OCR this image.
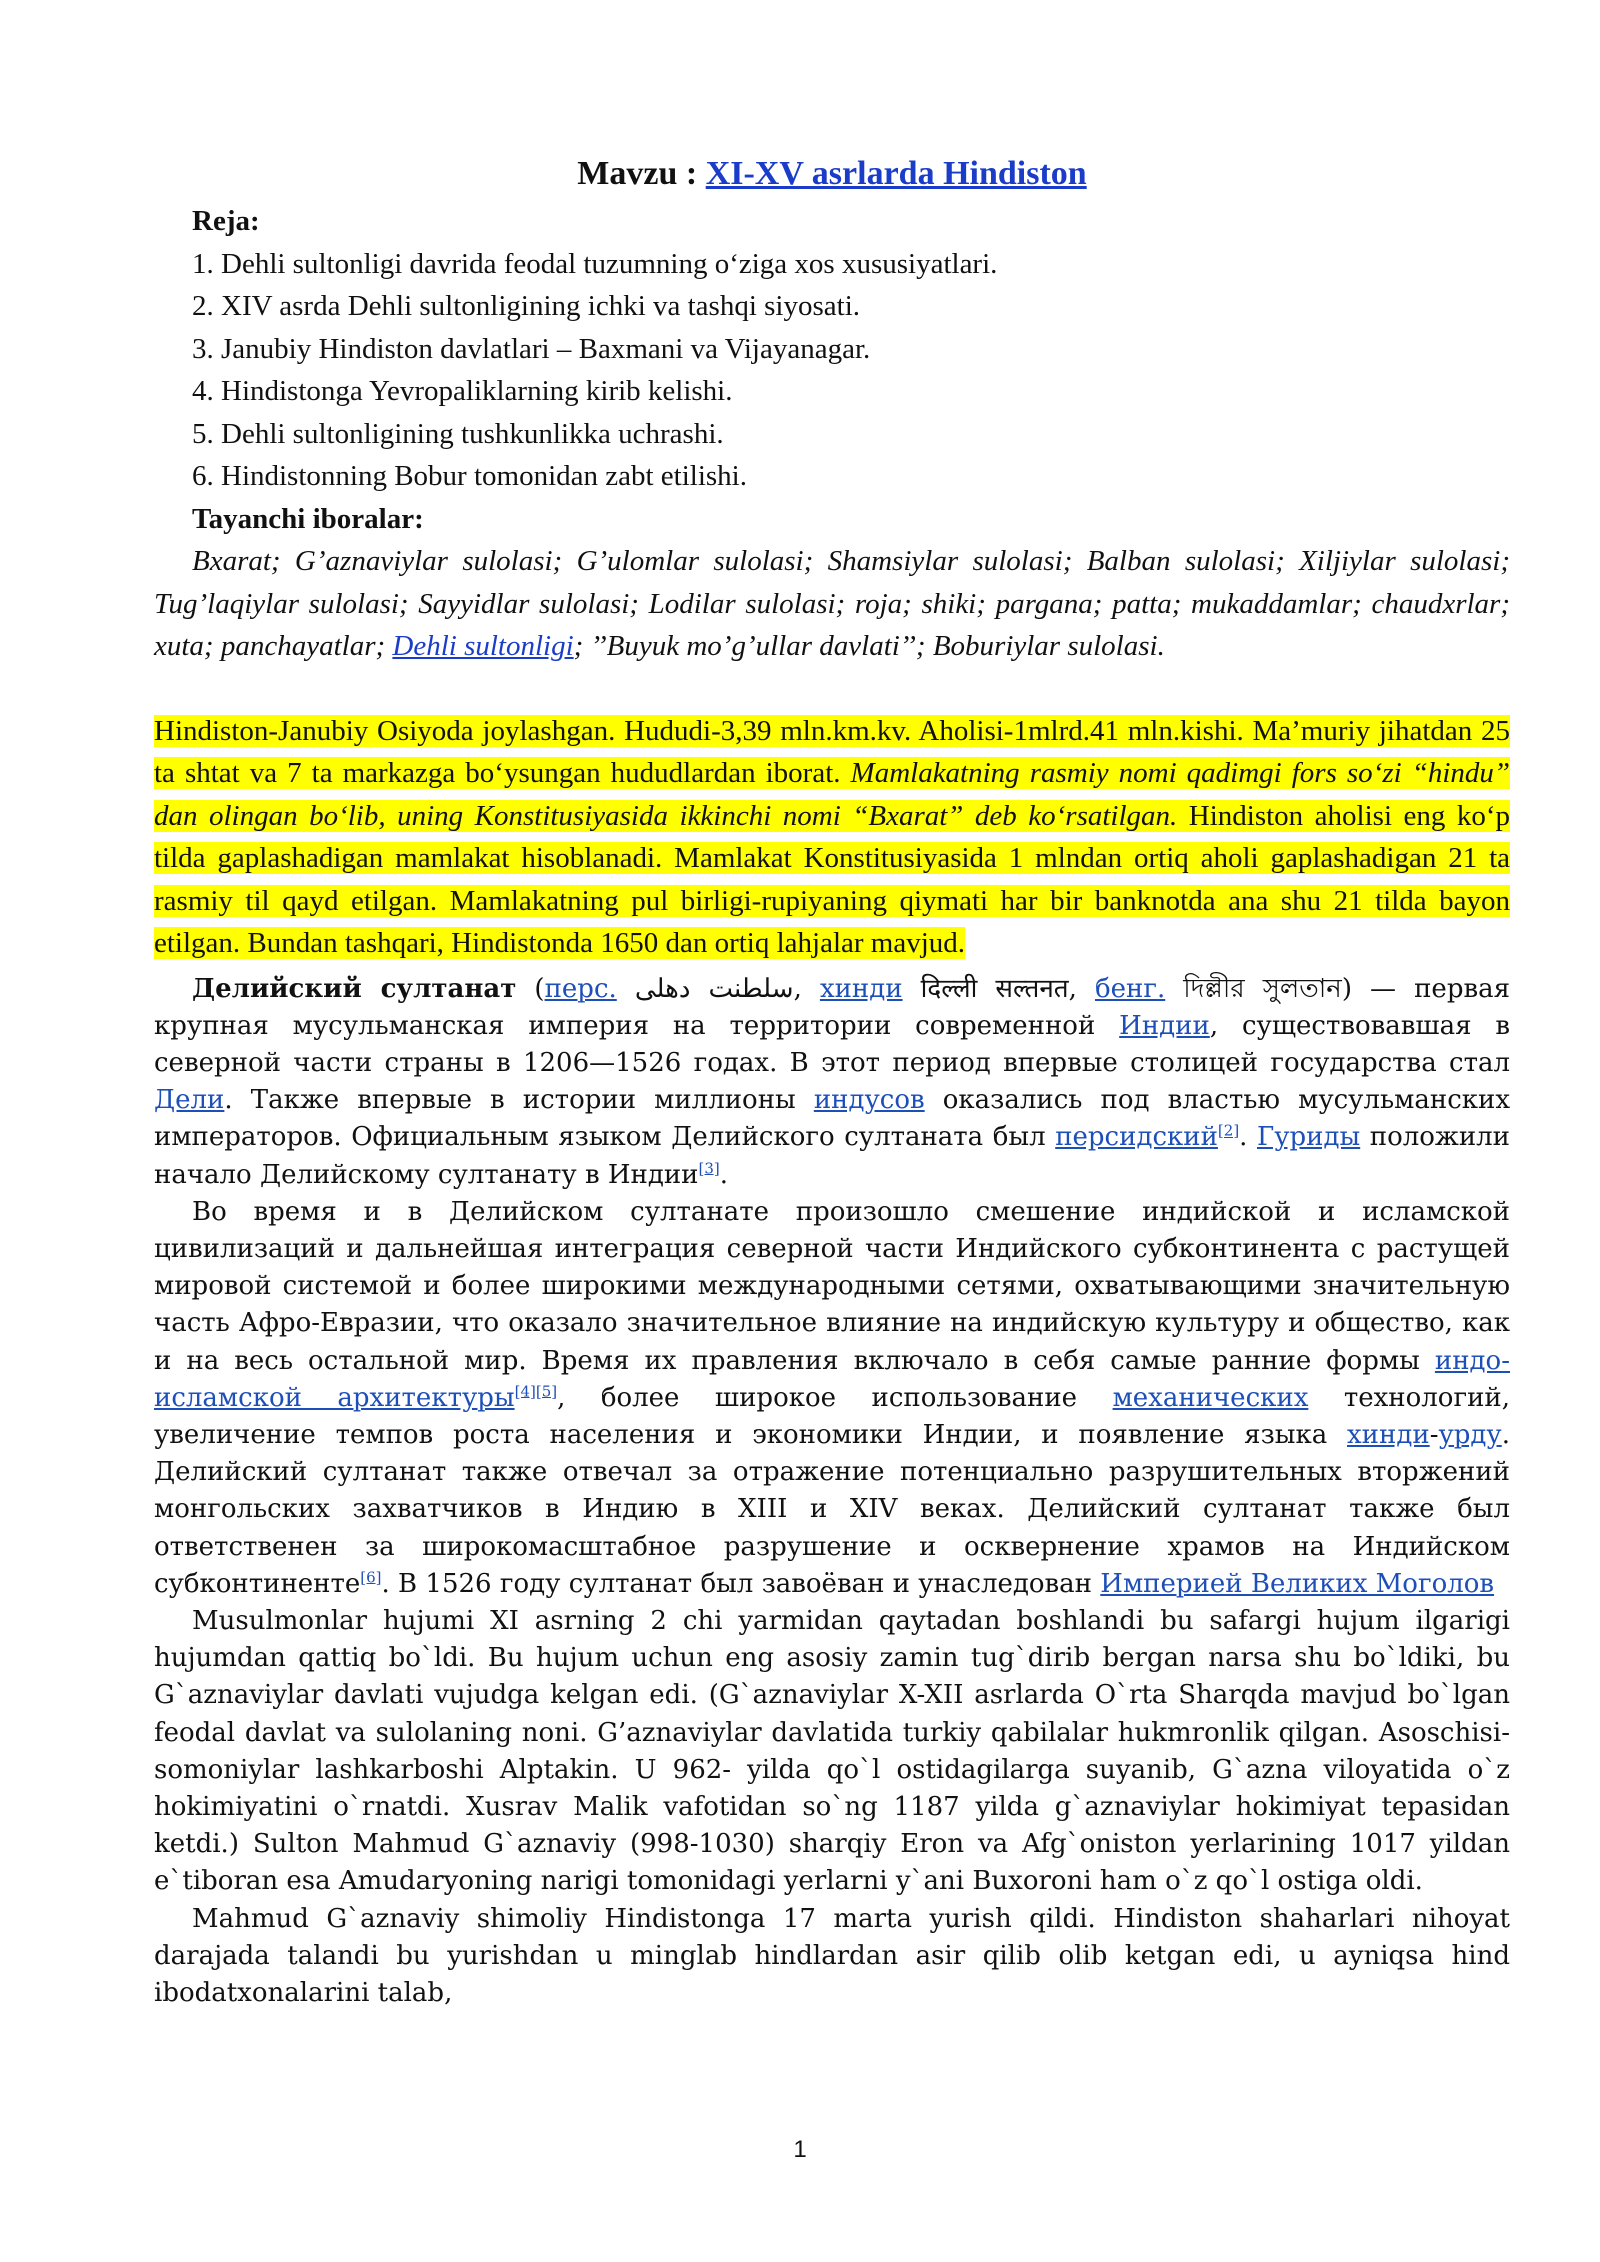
Mavzu : XI-XV asrlarda Hindiston
Reja:
1. Dehli sultonligi davrida feodal tuzumning o‘ziga xos xususiyatlari.
2. XIV asrda Dehli sultonligining ichki va tashqi siyosati.
3. Janubiy Hindiston davlatlari – Baxmani va Vijayanagar.
4. Hindistonga Yevropaliklarning kirib kelishi.
5. Dehli sultonligining tushkunlikka uchrashi.
6. Hindistonning Bobur tomonidan zabt etilishi.
Tayanchi iboralar:
Bxarat; G’aznaviylar sulolasi; G’ulomlar sulolasi; Shamsiylar sulolasi; Balban sulolasi; Xiljiylar sulolasi; Tug’laqiylar sulolasi; Sayyidlar sulolasi; Lodilar sulolasi; roja; shiki; pargana; patta; mukaddamlar; chaudxrlar; xuta; panchayatlar; Dehli sultonligi; ’’Buyuk mo’g’ullar davlati’’; Boburiylar sulolasi.
Hindiston-Janubiy Osiyoda joylashgan. Hududi-3,39 mln.km.kv. Aholisi-1mlrd.41 mln.kishi. Ma’muriy jihatdan 25 ta shtat va 7 ta markazga bo‘ysungan hududlardan iborat. Mamlakatning rasmiy nomi qadimgi fors so‘zi “hindu” dan olingan bo‘lib, uning Konstitusiyasida ikkinchi nomi “Bxarat” deb ko‘rsatilgan. Hindiston aholisi eng ko‘p tilda gaplashadigan mamlakat hisoblanadi. Mamlakat Konstitusiyasida 1 mlndan ortiq aholi gaplashadigan 21 ta rasmiy til qayd etilgan. Mamlakatning pul birligi-rupiyaning qiymati har bir banknotda ana shu 21 tilda bayon etilgan. Bundan tashqari, Hindistonda 1650 dan ortiq lahjalar mavjud.

Делийский султанат (перс. سلطنت دهلی, хинди दिल्ली सल्तनत, бенг. দিল্লীর সুলতান) — первая крупная мусульманская империя на территории современной Индии, существовавшая в северной части страны в 1206—1526 годах. В этот период впервые столицей государства стал Дели. Также впервые в истории миллионы индусов оказались под властью мусульманских императоров. Официальным языком Делийского султаната был персидский[2]. Гуриды положили начало Делийскому султанату в Индии[3].

Во время и в Делийском султанате произошло смешение индийской и исламской цивилизаций и дальнейшая интеграция северной части Индийского субконтинента с растущей мировой системой и более широкими международными сетями, охватывающими значительную часть Афро-Евразии, что оказало значительное влияние на индийскую культуру и общество, как и на весь остальной мир. Время их правления включало в себя самые ранние формы индо-исламской архитектуры[4][5], более широкое использование механических технологий, увеличение темпов роста населения и экономики Индии, и появление языка хинди-урду. Делийский султанат также отвечал за отражение потенциально разрушительных вторжений монгольских захватчиков в Индию в XIII и XIV веках. Делийский султанат также был ответственен за широкомасштабное разрушение и осквернение храмов на Индийском субконтиненте[6]. В 1526 году султанат был завоёван и унаследован Империей Великих Моголов

Musulmonlar hujumi XI asrning 2 chi yarmidan qaytadan boshlandi bu safargi hujum ilgarigi hujumdan qattiq bo`ldi. Bu hujum uchun eng asosiy zamin tug`dirib bergan narsa shu bo`ldiki, bu G`aznaviylar davlati vujudga kelgan edi. (G`aznaviylar X-XII asrlarda O`rta Sharqda mavjud bo`lgan feodal davlat va sulolaning noni. G’aznaviylar davlatida turkiy qabilalar hukmronlik qilgan. Asoschisi-somoniylar lashkarboshi Alptakin. U 962- yilda qo`l ostidagilarga suyanib, G`azna viloyatida o`z hokimiyatini o`rnatdi. Xusrav Malik vafotidan so`ng 1187 yilda g`aznaviylar hokimiyat tepasidan ketdi.) Sulton Mahmud G`aznaviy (998-1030) sharqiy Eron va Afg`oniston yerlarining 1017 yildan e`tiboran esa Amudaryoning narigi tomonidagi yerlarni y`ani Buxoroni ham o`z qo`l ostiga oldi.

Mahmud G`aznaviy shimoliy Hindistonga 17 marta yurish qildi. Hindiston shaharlari nihoyat darajada talandi bu yurishdan u minglab hindlardan asir qilib olib ketgan edi, u ayniqsa hind ibodatxonalarini talab,

1
